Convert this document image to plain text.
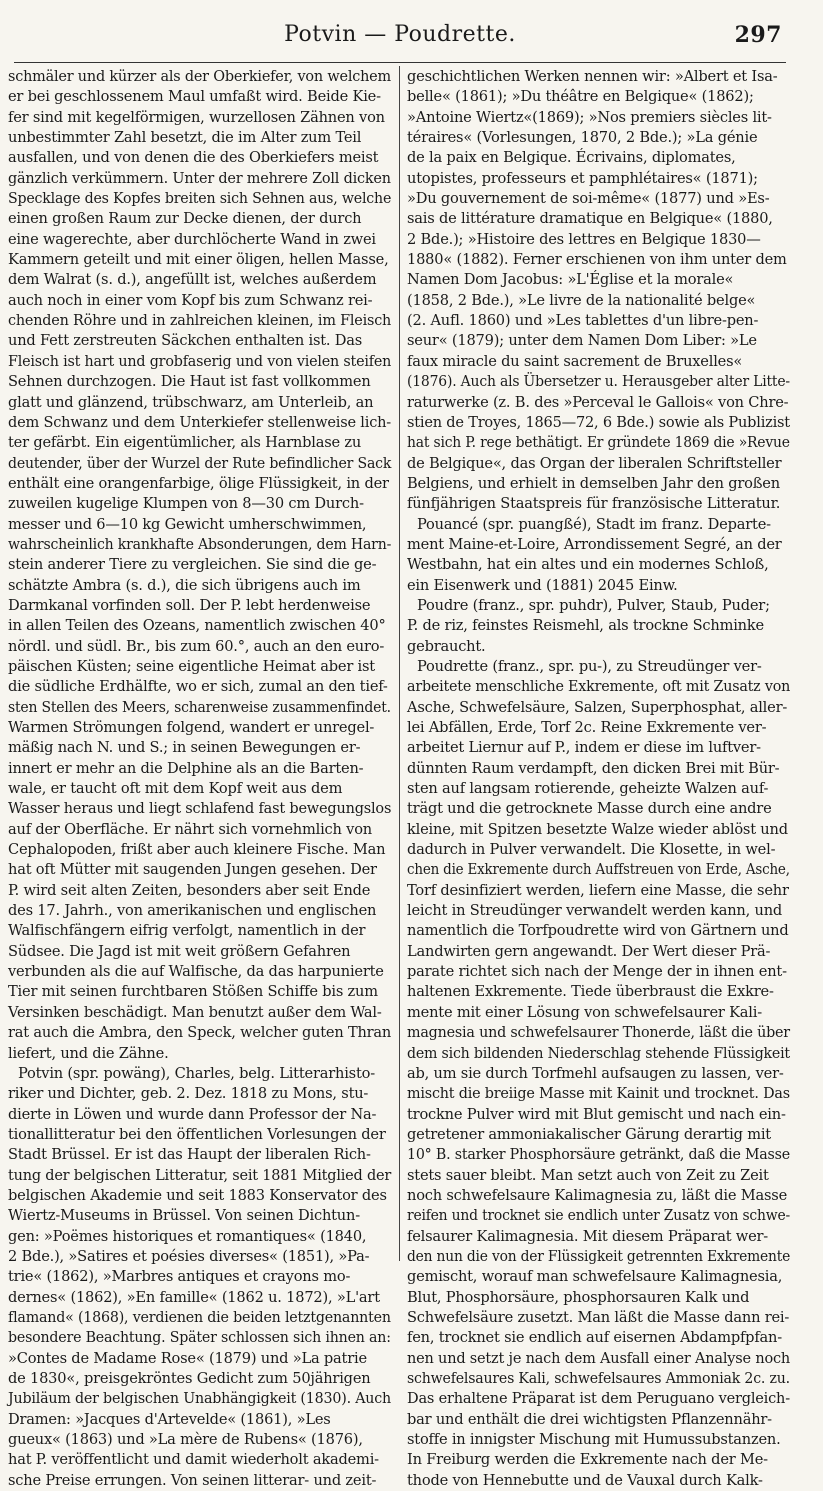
Potvin — Poudrette.	297
schmäler und kürzer als der Oberkiefer, von welchem
er bei geschlossenem Maul umfaßt wird. Beide Kie-
fer sind mit kegelförmigen, wurzellosen Zähnen von
unbestimmter Zahl besetzt, die im Alter zum Teil
ausfallen, und von denen die des Oberkiefers meist
gänzlich verkümmern. Unter der mehrere Zoll dicken
Specklage des Kopfes breiten sich Sehnen aus, welche
einen großen Raum zur Decke dienen, der durch
eine wagerechte, aber durchlöcherte Wand in zwei
Kammern geteilt und mit einer öligen, hellen Masse,
dem Walrat (s. d.), angefüllt ist, welches außerdem
auch noch in einer vom Kopf bis zum Schwanz rei-
chenden Röhre und in zahlreichen kleinen, im Fleisch
und Fett zerstreuten Säckchen enthalten ist. Das
Fleisch ist hart und grobfaserig und von vielen steifen
Sehnen durchzogen. Die Haut ist fast vollkommen
glatt und glänzend, trübschwarz, am Unterleib, an
dem Schwanz und dem Unterkiefer stellenweise lich-
ter gefärbt. Ein eigentümlicher, als Harnblase zu
deutender, über der Wurzel der Rute befindlicher Sack
enthält eine orangenfarbige, ölige Flüssigkeit, in der
zuweilen kugelige Klumpen von 8—30 cm Durch-
messer und 6—10 kg Gewicht umherschwimmen,
wahrscheinlich krankhafte Absonderungen, dem Harn-
stein anderer Tiere zu vergleichen. Sie sind die ge-
schätzte Ambra (s. d.), die sich übrigens auch im
Darmkanal vorfinden soll. Der P. lebt herdenweise
in allen Teilen des Ozeans, namentlich zwischen 40°
nördl. und südl. Br., bis zum 60.°, auch an den euro-
päischen Küsten; seine eigentliche Heimat aber ist
die südliche Erdhälfte, wo er sich, zumal an den tief-
sten Stellen des Meers, scharenweise zusammenfindet.
Warmen Strömungen folgend, wandert er unregel-
mäßig nach N. und S.; in seinen Bewegungen er-
innert er mehr an die Delphine als an die Barten-
wale, er taucht oft mit dem Kopf weit aus dem
Wasser heraus und liegt schlafend fast bewegungslos
auf der Oberfläche. Er nährt sich vornehmlich von
Cephalopoden, frißt aber auch kleinere Fische. Man
hat oft Mütter mit saugenden Jungen gesehen. Der
P. wird seit alten Zeiten, besonders aber seit Ende
des 17. Jahrh., von amerikanischen und englischen
Walfischfängern eifrig verfolgt, namentlich in der
Südsee. Die Jagd ist mit weit größern Gefahren
verbunden als die auf Walfische, da das harpunierte
Tier mit seinen furchtbaren Stößen Schiffe bis zum
Versinken beschädigt. Man benutzt außer dem Wal-
rat auch die Ambra, den Speck, welcher guten Thran
liefert, und die Zähne.
Potvin (spr. powäng), Charles, belg. Litterarhisto-
riker und Dichter, geb. 2. Dez. 1818 zu Mons, stu-
dierte in Löwen und wurde dann Professor der Na-
tionallitteratur bei den öffentlichen Vorlesungen der
Stadt Brüssel. Er ist das Haupt der liberalen Rich-
tung der belgischen Litteratur, seit 1881 Mitglied der
belgischen Akademie und seit 1883 Konservator des
Wiertz-Museums in Brüssel. Von seinen Dichtun-
gen: »Poëmes historiques et romantiques« (1840,
2 Bde.), »Satires et poésies diverses« (1851), »Pa-
trie« (1862), »Marbres antiques et crayons mo-
dernes« (1862), »En famille« (1862 u. 1872), »L'art
flamand« (1868), verdienen die beiden letztgenannten
besondere Beachtung. Später schlossen sich ihnen an:
»Contes de Madame Rose« (1879) und »La patrie
de 1830«, preisgekröntes Gedicht zum 50jährigen
Jubiläum der belgischen Unabhängigkeit (1830). Auch
Dramen: »Jacques d'Artevelde« (1861), »Les
gueux« (1863) und »La mère de Rubens« (1876),
hat P. veröffentlicht und damit wiederholt akademi-
sche Preise errungen. Von seinen litterar- und zeit-
geschichtlichen Werken nennen wir: »Albert et Isa-
belle« (1861); »Du théâtre en Belgique« (1862);
»Antoine Wiertz«(1869); »Nos premiers siècles lit-
téraires« (Vorlesungen, 1870, 2 Bde.); »La génie
de la paix en Belgique. Écrivains, diplomates,
utopistes, professeurs et pamphlétaires« (1871);
»Du gouvernement de soi-même« (1877) und »Es-
sais de littérature dramatique en Belgique« (1880,
2 Bde.); »Histoire des lettres en Belgique 1830—
1880« (1882). Ferner erschienen von ihm unter dem
Namen Dom Jacobus: »L'Église et la morale«
(1858, 2 Bde.), »Le livre de la nationalité belge«
(2. Aufl. 1860) und »Les tablettes d'un libre-pen-
seur« (1879); unter dem Namen Dom Liber: »Le
faux miracle du saint sacrement de Bruxelles«
(1876). Auch als Übersetzer u. Herausgeber alter Litte-
raturwerke (z. B. des »Perceval le Gallois« von Chre-
stien de Troyes, 1865—72, 6 Bde.) sowie als Publizist
hat sich P. rege bethätigt. Er gründete 1869 die »Revue
de Belgique«, das Organ der liberalen Schriftsteller
Belgiens, und erhielt in demselben Jahr den großen
fünfjährigen Staatspreis für französische Litteratur.
Pouancé (spr. puangßé), Stadt im franz. Departe-
ment Maine-et-Loire, Arrondissement Segré, an der
Westbahn, hat ein altes und ein modernes Schloß,
ein Eisenwerk und (1881) 2045 Einw.
Poudre (franz., spr. puhdr), Pulver, Staub, Puder;
P. de riz, feinstes Reismehl, als trockne Schminke
gebraucht.
Poudrette (franz., spr. pu-), zu Streudünger ver-
arbeitete menschliche Exkremente, oft mit Zusatz von
Asche, Schwefelsäure, Salzen, Superphosphat, aller-
lei Abfällen, Erde, Torf 2c. Reine Exkremente ver-
arbeitet Liernur auf P., indem er diese im luftver-
dünnten Raum verdampft, den dicken Brei mit Bür-
sten auf langsam rotierende, geheizte Walzen auf-
trägt und die getrocknete Masse durch eine andre
kleine, mit Spitzen besetzte Walze wieder ablöst und
dadurch in Pulver verwandelt. Die Klosette, in wel-
chen die Exkremente durch Auffstreuen von Erde, Asche,
Torf desinfiziert werden, liefern eine Masse, die sehr
leicht in Streudünger verwandelt werden kann, und
namentlich die Torfpoudrette wird von Gärtnern und
Landwirten gern angewandt. Der Wert dieser Prä-
parate richtet sich nach der Menge der in ihnen ent-
haltenen Exkremente. Tiede überbraust die Exkre-
mente mit einer Lösung von schwefelsaurer Kali-
magnesia und schwefelsaurer Thonerde, läßt die über
dem sich bildenden Niederschlag stehende Flüssigkeit
ab, um sie durch Torfmehl aufsaugen zu lassen, ver-
mischt die breiige Masse mit Kainit und trocknet. Das
trockne Pulver wird mit Blut gemischt und nach ein-
getretener ammoniakalischer Gärung derartig mit
10° B. starker Phosphorsäure getränkt, daß die Masse
stets sauer bleibt. Man setzt auch von Zeit zu Zeit
noch schwefelsaure Kalimagnesia zu, läßt die Masse
reifen und trocknet sie endlich unter Zusatz von schwe-
felsaurer Kalimagnesia. Mit diesem Präparat wer-
den nun die von der Flüssigkeit getrennten Exkremente
gemischt, worauf man schwefelsaure Kalimagnesia,
Blut, Phosphorsäure, phosphorsauren Kalk und
Schwefelsäure zusetzt. Man läßt die Masse dann rei-
fen, trocknet sie endlich auf eisernen Abdampfpfan-
nen und setzt je nach dem Ausfall einer Analyse noch
schwefelsaures Kali, schwefelsaures Ammoniak 2c. zu.
Das erhaltene Präparat ist dem Peruguano vergleich-
bar und enthält die drei wichtigsten Pflanzennähr-
stoffe in innigster Mischung mit Humussubstanzen.
In Freiburg werden die Exkremente nach der Me-
thode von Hennebutte und de Vauxal durch Kalk-
